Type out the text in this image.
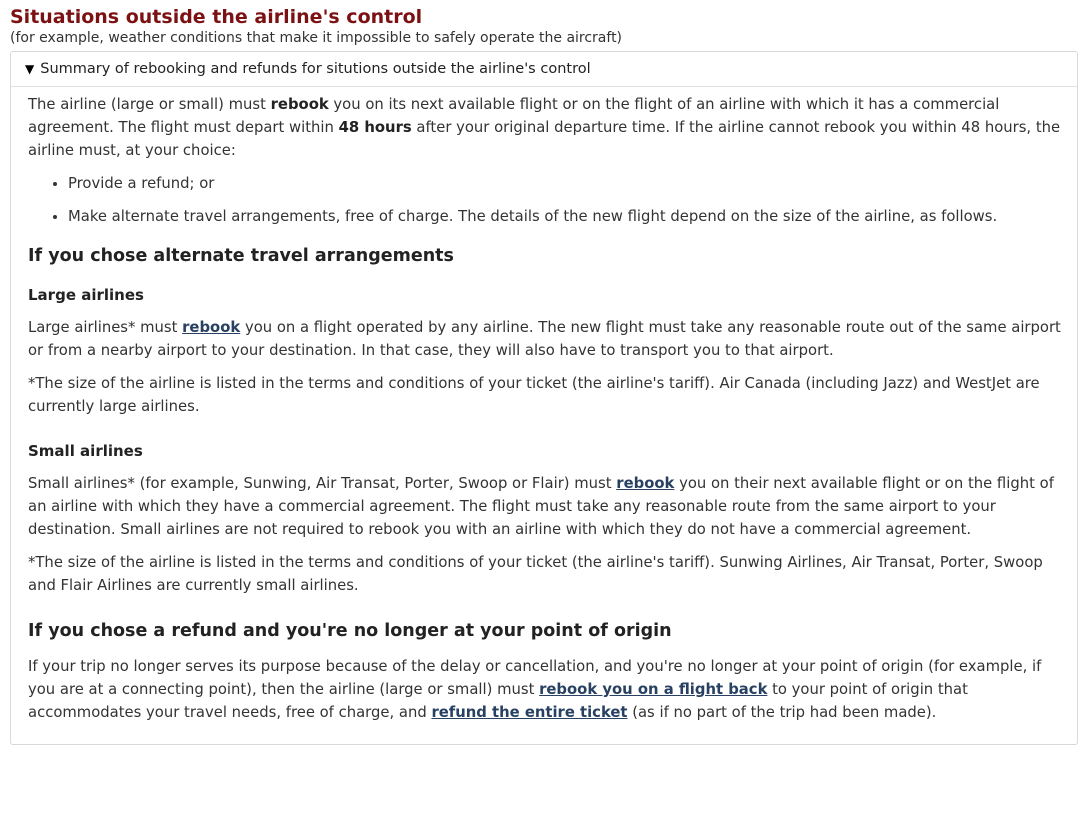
Situations outside the airline's control
(for example, weather conditions that make it impossible to safely operate the aircraft)
▼ Summary of rebooking and refunds for situtions outside the airline's control

The airline (large or small) must rebook you on its next available flight or on the flight of an airline with which it has a commercial agreement. The flight must depart within 48 hours after your original departure time. If the airline cannot rebook you within 48 hours, the airline must, at your choice:

• Provide a refund; or
• Make alternate travel arrangements, free of charge. The details of the new flight depend on the size of the airline, as follows.
If you chose alternate travel arrangements
Large airlines

Large airlines* must rebook you on a flight operated by any airline. The new flight must take any reasonable route out of the same airport or from a nearby airport to your destination. In that case, they will also have to transport you to that airport.

*The size of the airline is listed in the terms and conditions of your ticket (the airline's tariff). Air Canada (including Jazz) and WestJet are currently large airlines.

Small airlines

Small airlines* (for example, Sunwing, Air Transat, Porter, Swoop or Flair) must rebook you on their next available flight or on the flight of an airline with which they have a commercial agreement. The flight must take any reasonable route from the same airport to your destination. Small airlines are not required to rebook you with an airline with which they do not have a commercial agreement.

*The size of the airline is listed in the terms and conditions of your ticket (the airline's tariff). Sunwing Airlines, Air Transat, Porter, Swoop and Flair Airlines are currently small airlines.

If you chose a refund and you're no longer at your point of origin

If your trip no longer serves its purpose because of the delay or cancellation, and you're no longer at your point of origin (for example, if you are at a connecting point), then the airline (large or small) must rebook you on a flight back to your point of origin that accommodates your travel needs, free of charge, and refund the entire ticket (as if no part of the trip had been made).
